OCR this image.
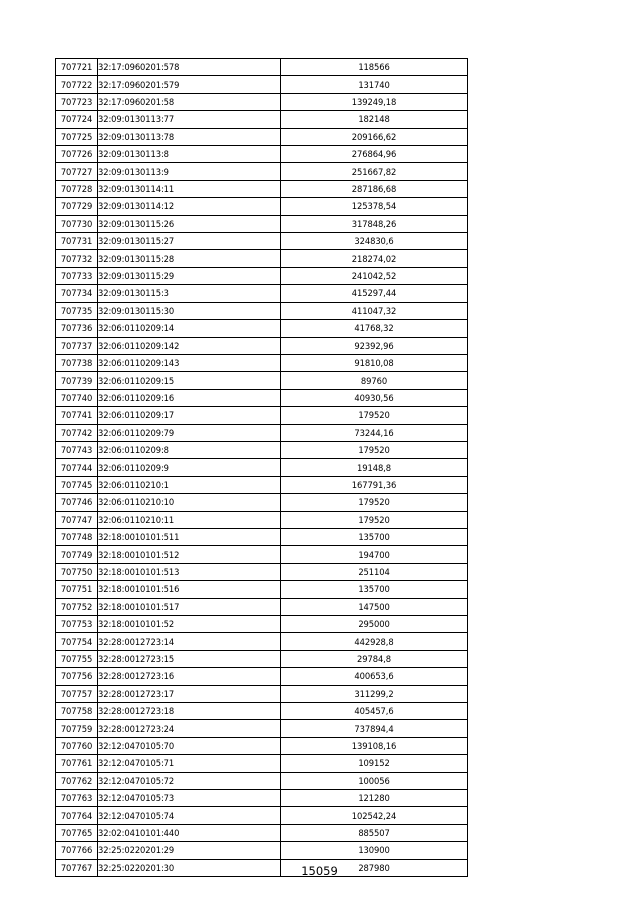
707721	32:17:0960201:578	118566
707722	32:17:0960201:579	131740
707723	32:17:0960201:58	139249,18
707724	32:09:0130113:77	182148
707725	32:09:0130113:78	209166,62
707726	32:09:0130113:8	276864,96
707727	32:09:0130113:9	251667,82
707728	32:09:0130114:11	287186,68
707729	32:09:0130114:12	125378,54
707730	32:09:0130115:26	317848,26
707731	32:09:0130115:27	324830,6
707732	32:09:0130115:28	218274,02
707733	32:09:0130115:29	241042,52
707734	32:09:0130115:3	415297,44
707735	32:09:0130115:30	411047,32
707736	32:06:0110209:14	41768,32
707737	32:06:0110209:142	92392,96
707738	32:06:0110209:143	91810,08
707739	32:06:0110209:15	89760
707740	32:06:0110209:16	40930,56
707741	32:06:0110209:17	179520
707742	32:06:0110209:79	73244,16
707743	32:06:0110209:8	179520
707744	32:06:0110209:9	19148,8
707745	32:06:0110210:1	167791,36
707746	32:06:0110210:10	179520
707747	32:06:0110210:11	179520
707748	32:18:0010101:511	135700
707749	32:18:0010101:512	194700
707750	32:18:0010101:513	251104
707751	32:18:0010101:516	135700
707752	32:18:0010101:517	147500
707753	32:18:0010101:52	295000
707754	32:28:0012723:14	442928,8
707755	32:28:0012723:15	29784,8
707756	32:28:0012723:16	400653,6
707757	32:28:0012723:17	311299,2
707758	32:28:0012723:18	405457,6
707759	32:28:0012723:24	737894,4
707760	32:12:0470105:70	139108,16
707761	32:12:0470105:71	109152
707762	32:12:0470105:72	100056
707763	32:12:0470105:73	121280
707764	32:12:0470105:74	102542,24
707765	32:02:0410101:440	885507
707766	32:25:0220201:29	130900
707767	32:25:0220201:30	287980
15059
